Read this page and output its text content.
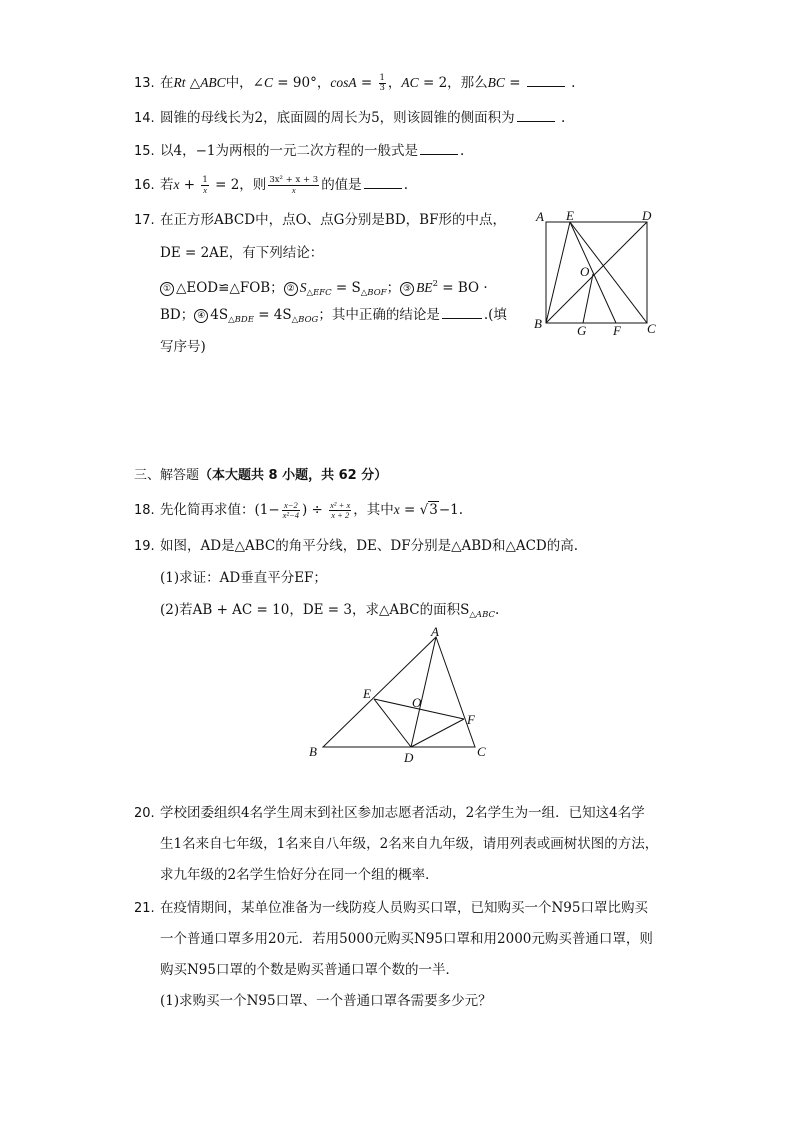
13. 在Rt △ABC中，∠C = 90°，$\cos A = \frac{1}{3}$ ，AC = 2，那么BC =	.
14. 圆锥的母线长为2，底面圆的周长为5，则该圆锥的侧面积为	.
15. 以4，−1为两根的一元二次方程的一般式是	.
16. 若$x + \frac{1}{x} = 2$，则 $\frac{\text{3x² + x + 3}}{x}$ 的值是	.
17. 在正方形ABCD中，点O、点G分别是BD，BF形的中点，
DE = 2AE，有下列结论：
① △EOD≌△FOB； ② $S_{\triangle EFC} = S_{\triangle BOF}$； ③ $BE^2$ = BO ·
BD； ④ $4S_{\triangle BDE} = 4S_{\triangle BOG}$；其中正确的结论是	.(填
写序号)
A E	D
O
B	G F C
三、解答题（本大题共 8 小题，共 62 分）
18. 先化简再求值：($1- \frac{x-2}{\text{x²−4}}$ ) ÷ $\frac{\text{x² + x}}{x + 2}$ ，其中x = √3−1.
19. 如图，AD是△ABC的角平分线，DE、DF分别是△ABD和△ACD的高.
(1)求证：AD垂直平分EF；
(2)若AB + AC = 10，DE = 3，求△ABC的面积$S_{\triangle ABC}$.
A
E
O
F
B	D	C
20. 学校团委组织4名学生周末到社区参加志愿者活动，2名学生为一组．已知这4名学
生1名来自七年级，1名来自八年级，2名来自九年级，请用列表或画树状图的方法，
求九年级的2名学生恰好分在同一个组的概率．
21. 在疫情期间，某单位准备为一线防疫人员购买口罩，已知购买一个N95口罩比购买
一个普通口罩多用20元．若用5000元购买N95口罩和用2000元购买普通口罩，则
购买N95口罩的个数是购买普通口罩个数的一半．
(1)求购买一个N95口罩、一个普通口罩各需要多少元？
